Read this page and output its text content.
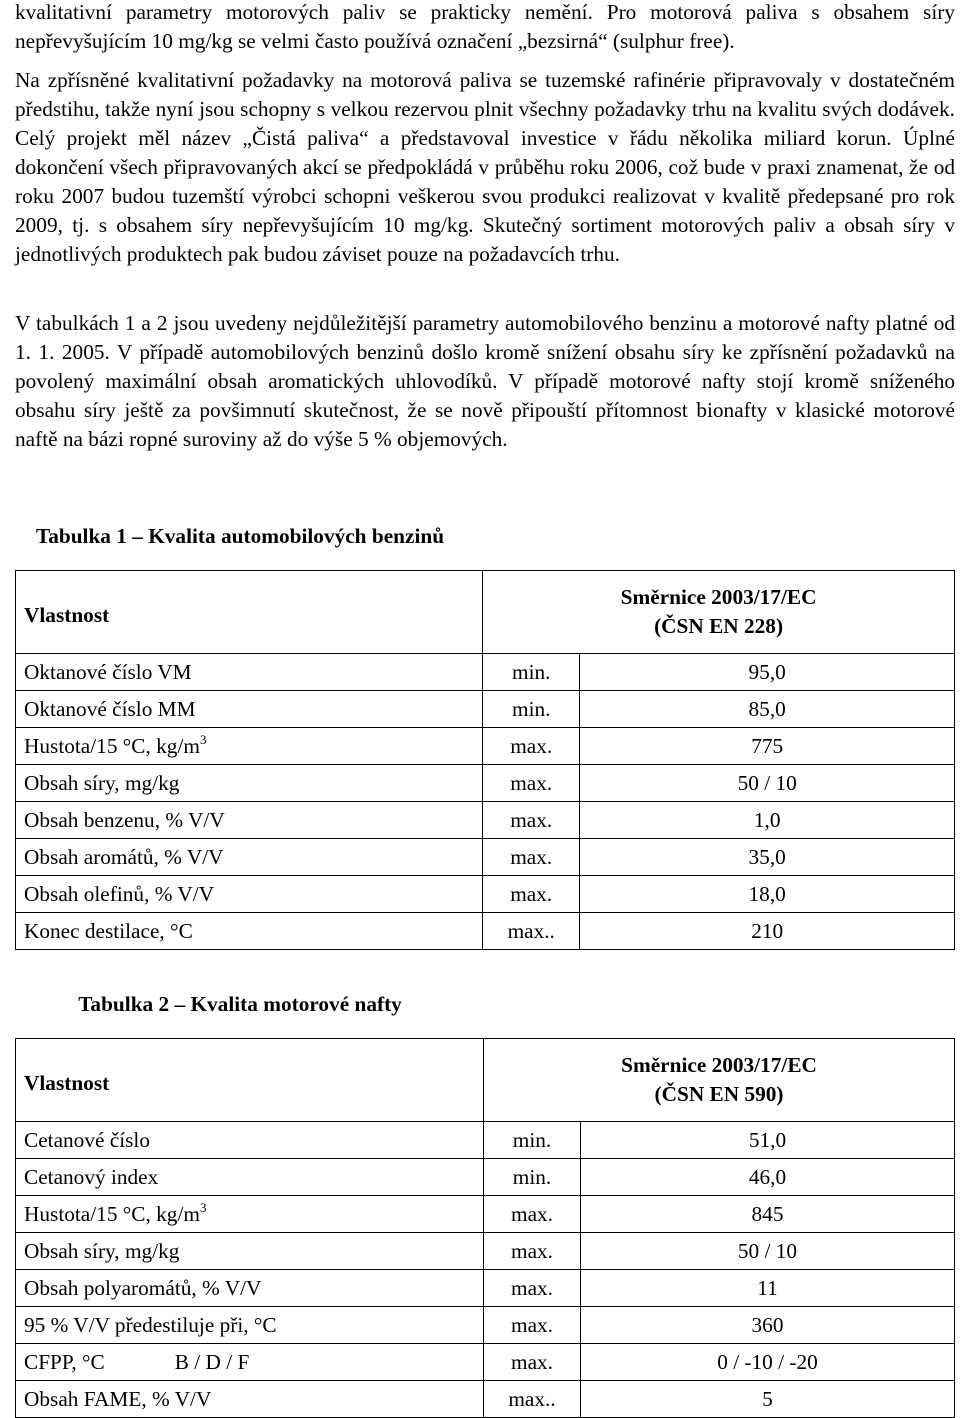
kvalitativní parametry motorových paliv se prakticky nemění. Pro motorová paliva s obsahem síry nepřevyšujícím 10 mg/kg se velmi často používá označení „bezsirná“ (sulphur free).

Na zpřísněné kvalitativní požadavky na motorová paliva se tuzemské rafinérie připravovaly v dostatečném předstihu, takže nyní jsou schopny s velkou rezervou plnit všechny požadavky trhu na kvalitu svých dodávek. Celý projekt měl název „Čistá paliva“ a představoval investice v řádu několika miliard korun. Úplné dokončení všech připravovaných akcí se předpokládá v průběhu roku 2006, což bude v praxi znamenat, že od roku 2007 budou tuzemští výrobci schopni veškerou svou produkci realizovat v kvalitě předepsané pro rok 2009, tj. s obsahem síry nepřevyšujícím 10 mg/kg. Skutečný sortiment motorových paliv a obsah síry v jednotlivých produktech pak budou záviset pouze na požadavcích trhu.

V tabulkách 1 a 2 jsou uvedeny nejdůležitější parametry automobilového benzinu a motorové nafty platné od 1. 1. 2005. V případě automobilových benzinů došlo kromě snížení obsahu síry ke zpřísnění požadavků na povolený maximální obsah aromatických uhlovodíků. V případě motorové nafty stojí kromě sníženého obsahu síry ještě za povšimnutí skutečnost, že se nově připouští přítomnost bionafty v klasické motorové naftě na bázi ropné suroviny až do výše 5 % objemových.

Tabulka 1 – Kvalita automobilových benzinů
Vlastnost	Směrnice 2003/17/EC
(ČSN EN 228)	

Oktanové číslo VM	min.	95,0
Oktanové číslo MM	min.	85,0
Hustota/15 °C, $kg/m^3$	max.	775
Obsah síry, mg/kg	max.	50 / 10
Obsah benzenu, % V/V	max.	1,0
Obsah aromátů, % V/V	max.	35,0
Obsah olefinů, % V/V	max.	18,0
Konec destilace, °C	max..	210
Tabulka 2 – Kvalita motorové nafty
Vlastnost	Směrnice 2003/17/EC
(ČSN EN 590)	

Cetanové číslo	min.	51,0
Cetanový index	min.	46,0
Hustota/15 °C, $kg/m^3$	max.	845
Obsah síry, mg/kg	max.	50 / 10
Obsah polyaromátů, % V/V	max.	11
95 % V/V předestiluje při, °C	max.	360
CFPP, °C B / D / F	max.	0 / -10 / -20
Obsah FAME, % V/V	max..	5
